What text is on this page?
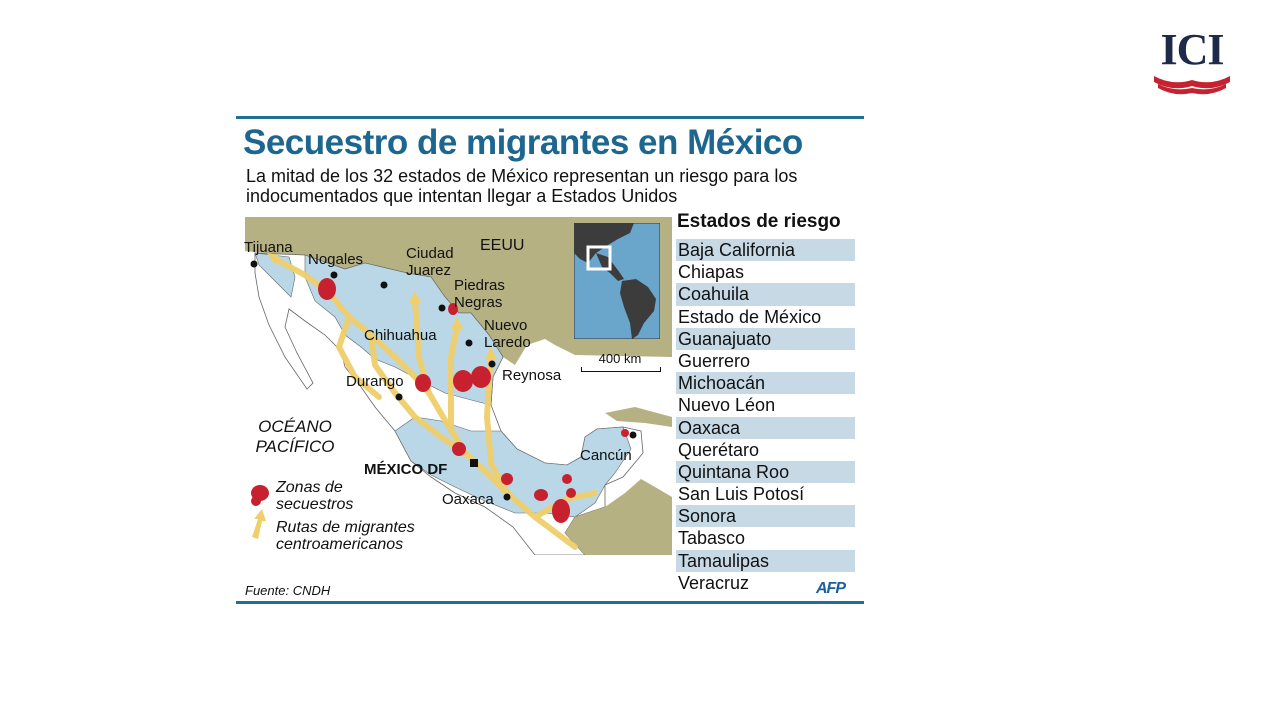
ICI
Secuestro de migrantes en México
La mitad de los 32 estados de México representan un riesgo para los indocumentados que intentan llegar a Estados Unidos
EEUU
Tijuana
Nogales	Ciudad Juarez
Piedras Negras
Nuevo Laredo
Chihuahua
Reynosa
Durango
OCÉANO PACÍFICO
MÉXICO DF
Cancún
Oaxaca
400 km
Zonas de secuestros
Rutas de migrantes centroamericanos
Estados de riesgo
Baja California
Chiapas
Coahuila
Estado de México
Guanajuato
Guerrero
Michoacán
Nuevo Léon
Oaxaca
Querétaro
Quintana Roo
San Luis Potosí
Sonora
Tabasco
Tamaulipas
Veracruz
Fuente: CNDH	AFP
